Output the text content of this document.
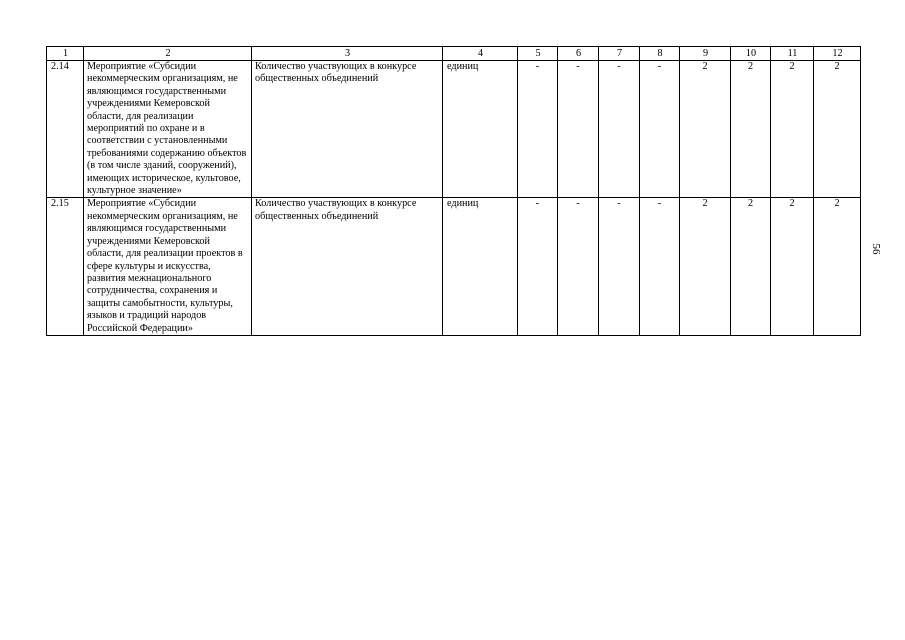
1	2	3	4	5	6	7	8	9	10	11	12
2.14	Мероприятие «Субсидии некоммерческим организациям, не являющимся государственными учреждениями Кемеровской области, для реализации мероприятий по охране и в соответствии с установленными требованиями содержанию объектов (в том числе зданий, сооружений), имеющих историческое, культовое, культурное значение»	Количество участвующих в конкурсе общественных объединений	единиц	-	-	-	-	2	2	2	2
2.15	Мероприятие «Субсидии некоммерческим организациям, не являющимся государственными учреждениями Кемеровской области, для реализации проектов в сфере культуры и искусства, развития межнационального сотрудничества, сохранения и защиты самобытности, культуры, языков и традиций народов Российской Федерации»	Количество участвующих в конкурсе общественных объединений	единиц	-	-	-	-	2	2	2	2
56
